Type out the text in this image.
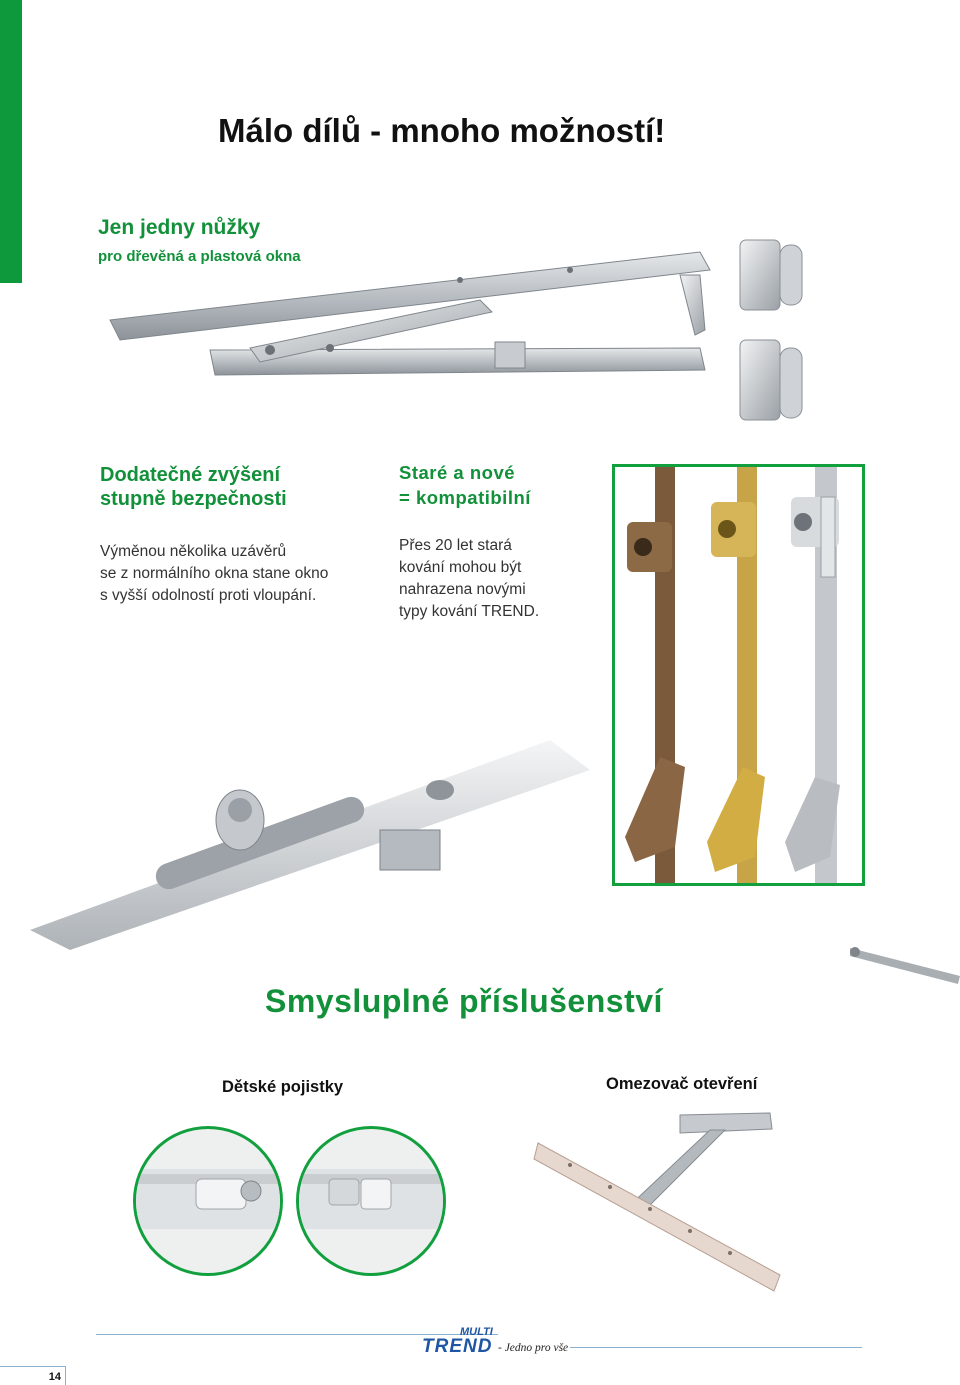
Málo dílů - mnoho možností!
Jen jedny nůžky

pro dřevěná a plastová okna

Dodatečné zvýšení
stupně bezpečnosti

Výměnou několika uzávěrů

se z normálního okna stane okno

s vyšší odolností proti vloupání.

Staré a nové
= kompatibilní

Přes 20 let stará

kování mohou být

nahrazena novými

typy kování TREND.

Smysluplné příslušenství

Dětské pojistky	Omezovač otevření

MULTI
TREND - Jedno pro vše
14
